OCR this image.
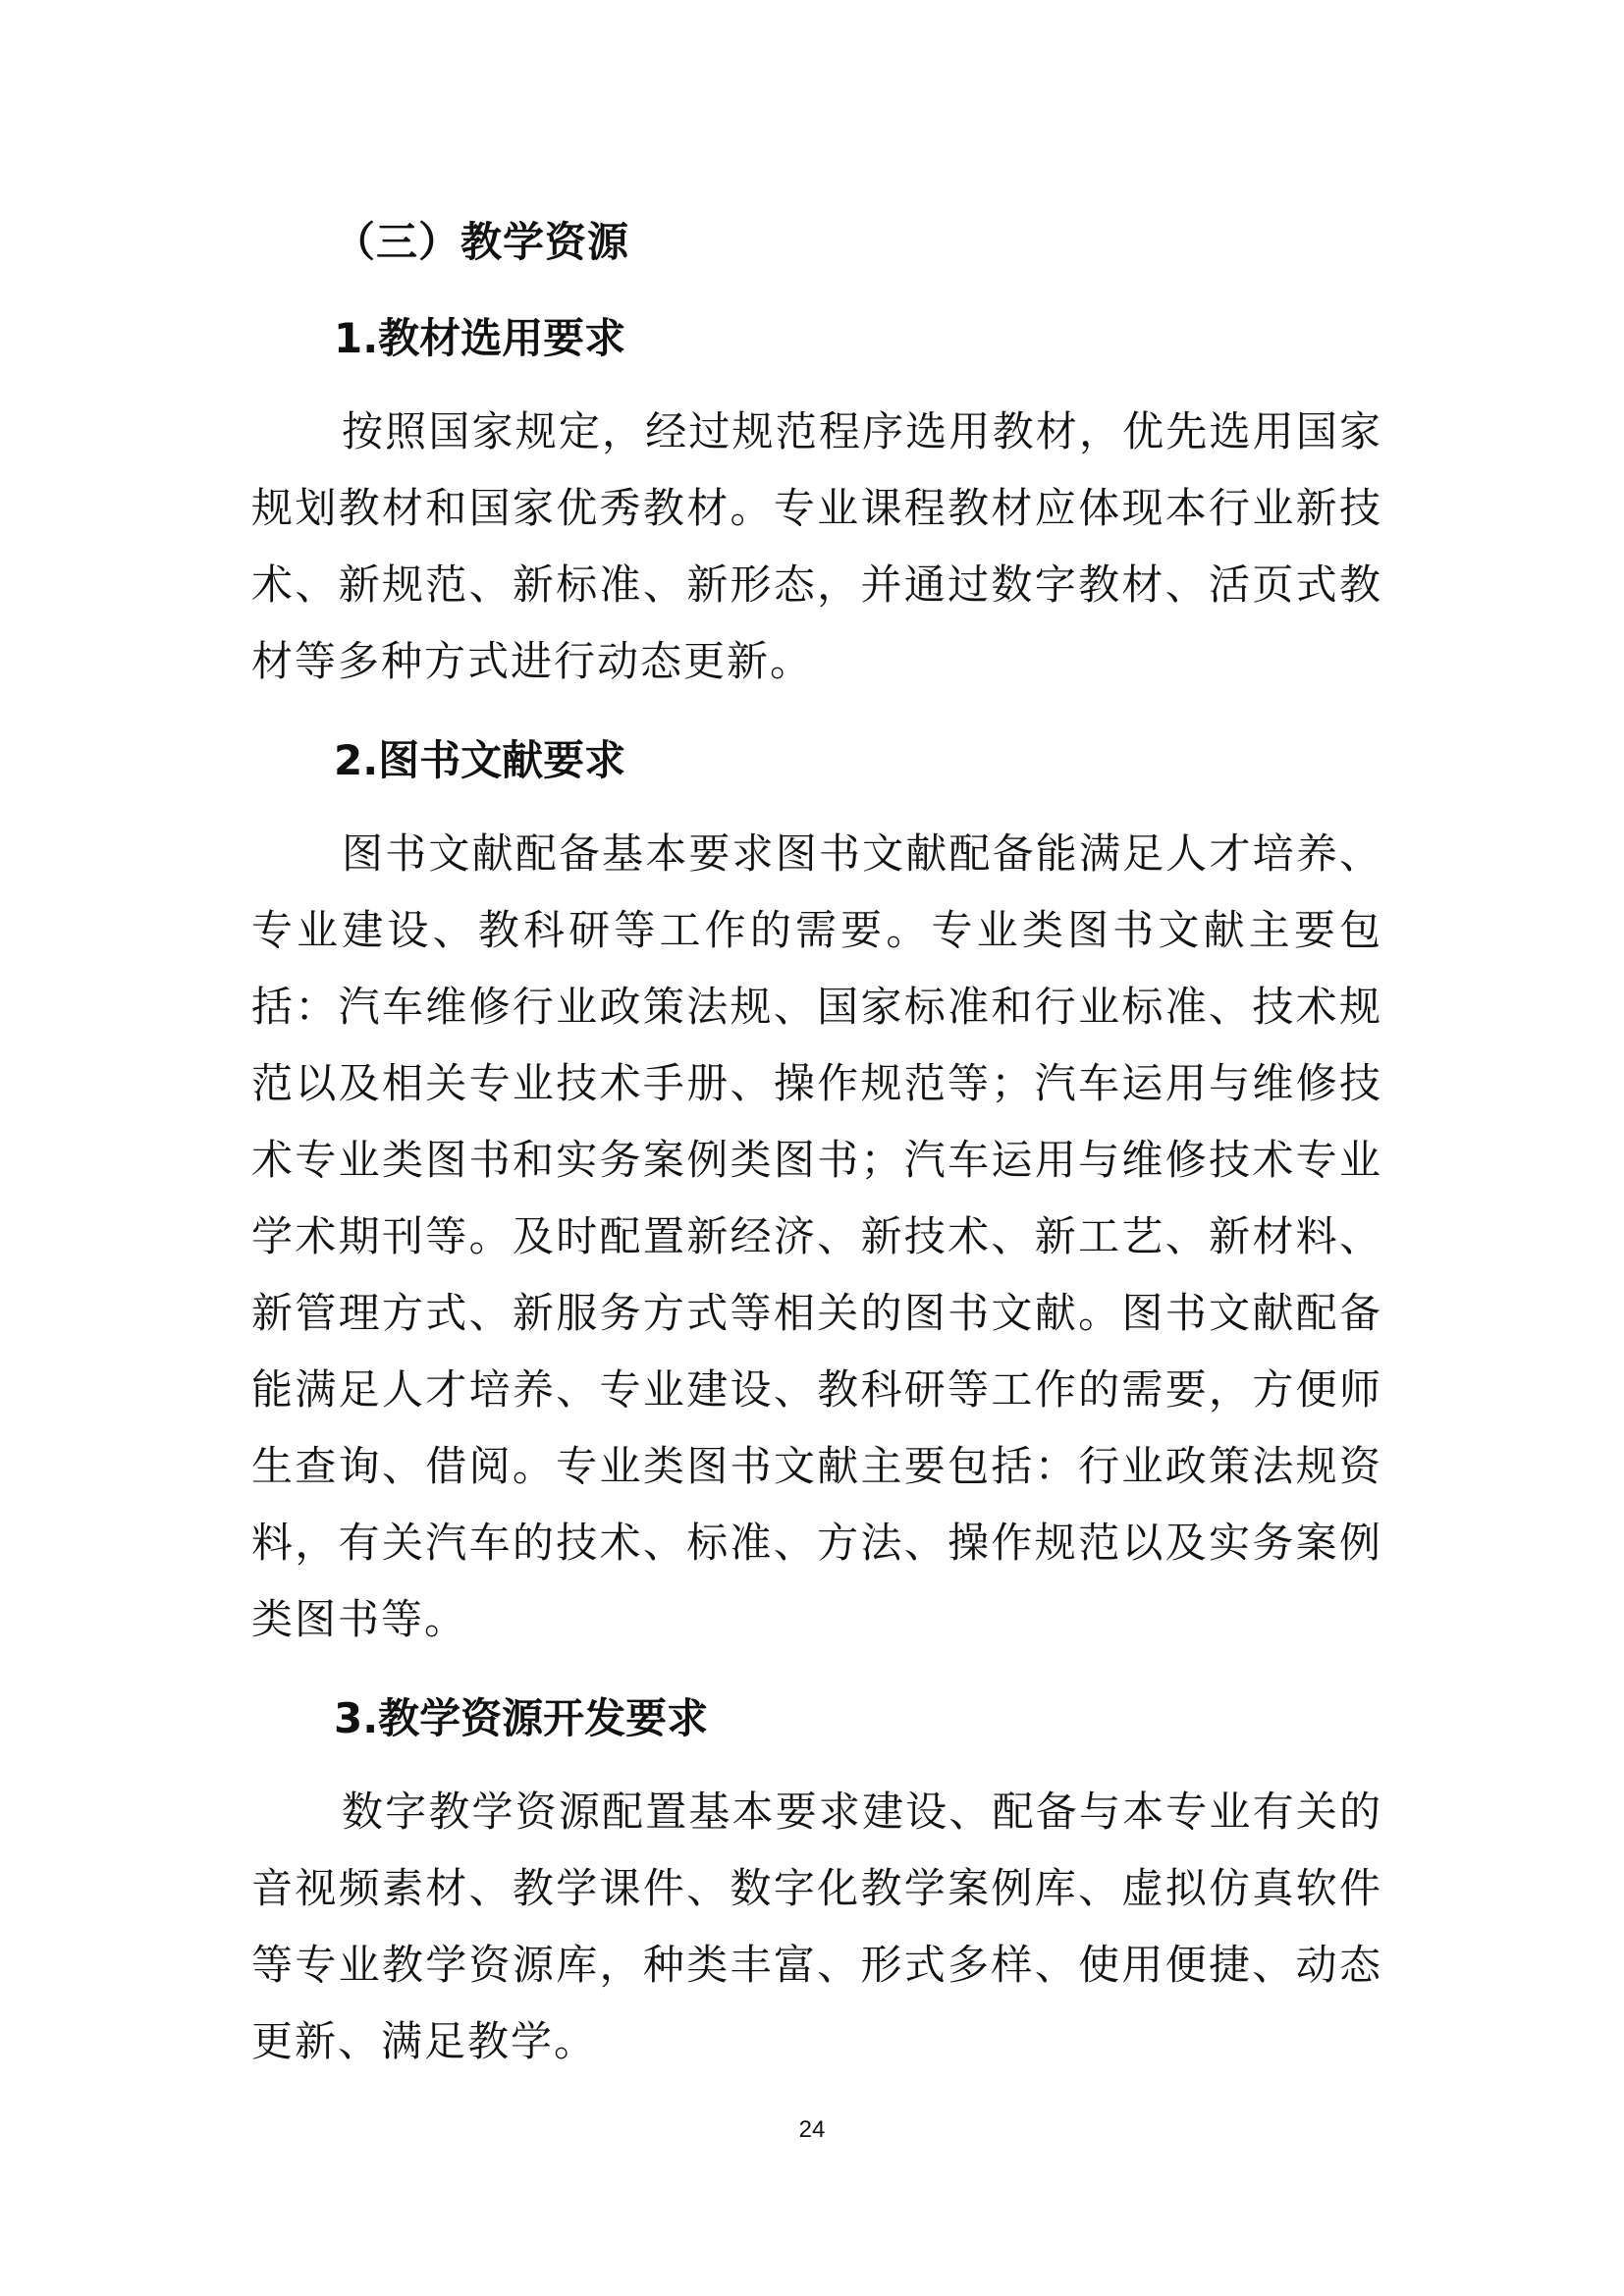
（三）教学资源
1.教材选用要求

按照国家规定，经过规范程序选用教材，优先选用国家规划教材和国家优秀教材。专业课程教材应体现本行业新技术、新规范、新标准、新形态，并通过数字教材、活页式教材等多种方式进行动态更新。

2.图书文献要求

图书文献配备基本要求图书文献配备能满足人才培养、专业建设、教科研等工作的需要。专业类图书文献主要包括：汽车维修行业政策法规、国家标准和行业标准、技术规范以及相关专业技术手册、操作规范等；汽车运用与维修技术专业类图书和实务案例类图书；汽车运用与维修技术专业学术期刊等。及时配置新经济、新技术、新工艺、新材料、新管理方式、新服务方式等相关的图书文献。图书文献配备能满足人才培养、专业建设、教科研等工作的需要，方便师生查询、借阅。专业类图书文献主要包括：行业政策法规资料，有关汽车的技术、标准、方法、操作规范以及实务案例类图书等。

3.教学资源开发要求

数字教学资源配置基本要求建设、配备与本专业有关的音视频素材、教学课件、数字化教学案例库、虚拟仿真软件等专业教学资源库，种类丰富、形式多样、使用便捷、动态更新、满足教学。

24
